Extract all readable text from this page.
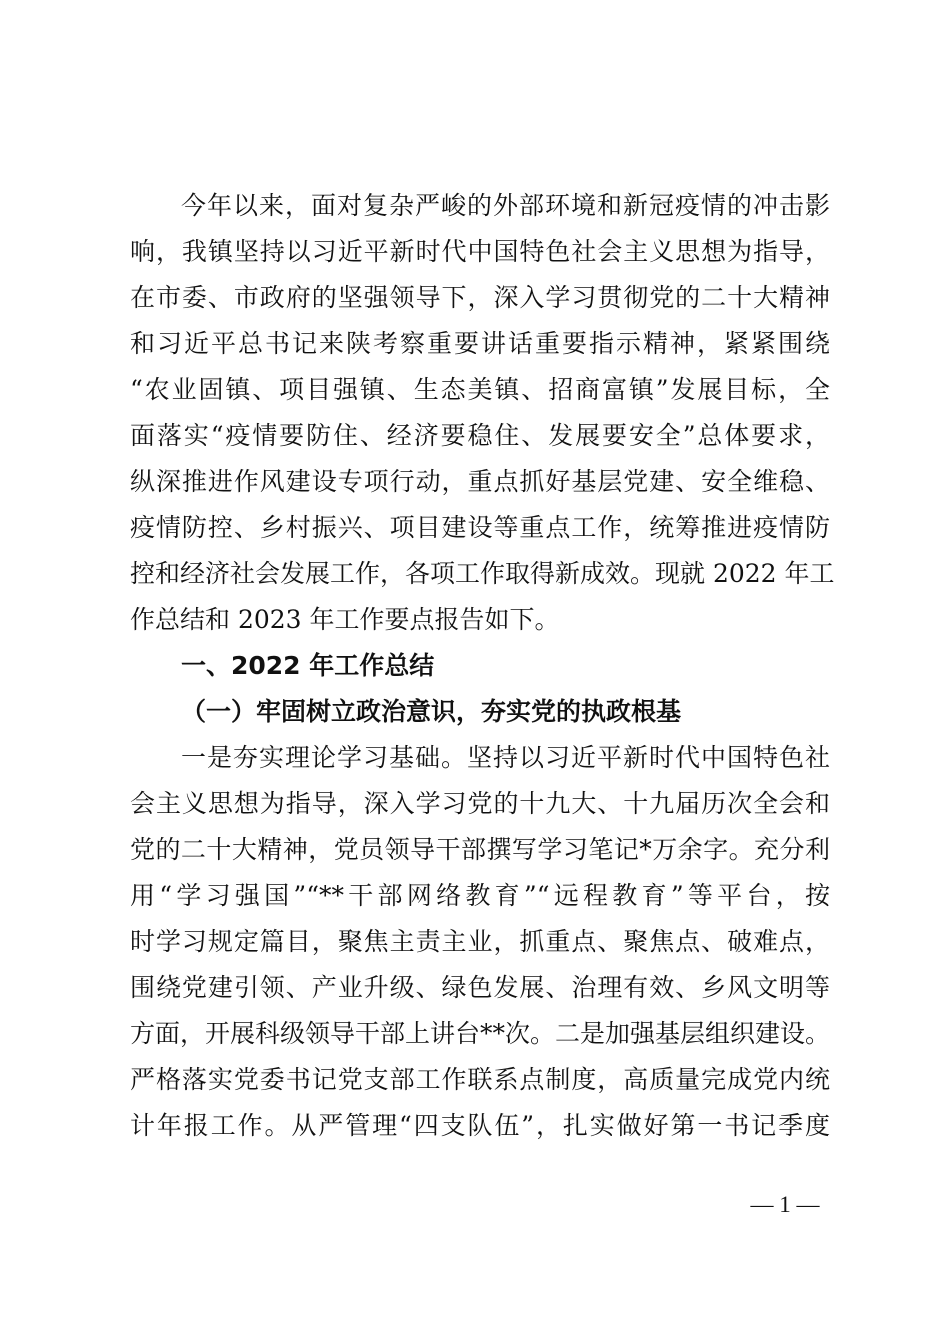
今年以来，面对复杂严峻的外部环境和新冠疫情的冲击影
响，我镇坚持以习近平新时代中国特色社会主义思想为指导，
在市委、市政府的坚强领导下，深入学习贯彻党的二十大精神
和习近平总书记来陕考察重要讲话重要指示精神，紧紧围绕
“农业固镇、项目强镇、生态美镇、招商富镇”发展目标，全
面落实“疫情要防住、经济要稳住、发展要安全”总体要求，
纵深推进作风建设专项行动，重点抓好基层党建、安全维稳、
疫情防控、乡村振兴、项目建设等重点工作，统筹推进疫情防
控和经济社会发展工作，各项工作取得新成效。现就 2022 年工
作总结和 2023 年工作要点报告如下。
一、2022 年工作总结
（一）牢固树立政治意识，夯实党的执政根基
一是夯实理论学习基础。坚持以习近平新时代中国特色社
会主义思想为指导，深入学习党的十九大、十九届历次全会和
党的二十大精神，党员领导干部撰写学习笔记*万余字。充分利
用“学习强国”“**干部网络教育”“远程教育”等平台，按
时学习规定篇目，聚焦主责主业，抓重点、聚焦点、破难点，
围绕党建引领、产业升级、绿色发展、治理有效、乡风文明等
方面，开展科级领导干部上讲台**次。二是加强基层组织建设。
严格落实党委书记党支部工作联系点制度，高质量完成党内统
计年报工作。从严管理“四支队伍”，扎实做好第一书记季度
— 1 —
